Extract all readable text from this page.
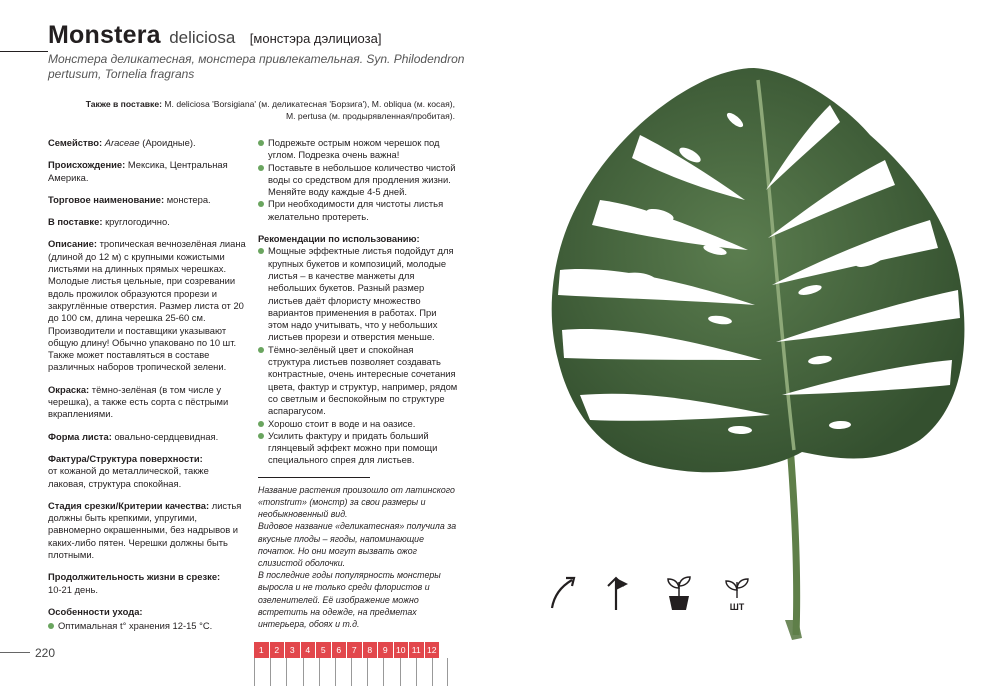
Monstera deliciosa [монстэра дэлициоза]
Монстера деликатесная, монстера привлекательная. Syn. Philodendron pertusum, Tornelia fragrans
Также в поставке: M. deliciosa 'Borsigiana' (м. деликатесная 'Борзига'), M. obliqua (м. косая),
M. pertusa (м. продырявленная/пробитая).

Семейство: Araceae (Ароидные).

Происхождение: Мексика, Центральная Америка.

Торговое наименование: монстера.

В поставке: круглогодично.

Описание: тропическая вечнозелёная лиана (длиной до 12 м) с крупными кожистыми листьями на длинных прямых черешках. Молодые листья цельные, при созревании вдоль прожилок образуются прорези и закруглённые отверстия. Размер листа от 20 до 100 см, длина черешка 25-60 см. Производители и поставщики указывают общую длину! Обычно упаковано по 10 шт. Также может поставляться в составе различных наборов тропической зелени.

Окраска: тёмно-зелёная (в том числе у черешка), а также есть сорта с пёстрыми вкраплениями.

Форма листа: овально-сердцевидная.

Фактура/Структура поверхности:
от кожаной до металлической, также лаковая, структура спокойная.

Стадия срезки/Критерии качества: листья должны быть крепкими, упругими, равномерно окрашенными, без надрывов и каких-либо пятен. Черешки должны быть плотными.

Продолжительность жизни в срезке:
10-21 день.

Особенности ухода:

Оптимальная t° хранения 12-15 °С.
Подрежьте острым ножом черешок под углом. Подрезка очень важна!
Поставьте в небольшое количество чистой воды со средством для продления жизни. Меняйте воду каждые 4-5 дней.
При необходимости для чистоты листья желательно протереть.

Рекомендации по использованию:

Мощные эффектные листья подойдут для крупных букетов и композиций, молодые листья – в качестве манжеты для небольших букетов. Разный размер листьев даёт флористу множество вариантов применения в работах. При этом надо учитывать, что у небольших листьев прорези и отверстия меньше.
Тёмно-зелёный цвет и спокойная структура листьев позволяет создавать контрастные, очень интересные сочетания цвета, фактур и структур, например, рядом со светлым и беспокойным по структуре аспарагусом.
Хорошо стоит в воде и на оазисе.
Усилить фактуру и придать больший глянцевый эффект можно при помощи специального спрея для листьев.

Название растения произошло от латинского «monstrum» (монстр) за свои размеры и необыкновенный вид.

Видовое название «деликатесная» получила за вкусные плоды – ягоды, напоминающие початок. Но они могут вызвать ожог слизистой оболочки.

В последние годы популярность монстеры выросла и не только среди флористов и озеленителей. Её изображение можно встретить на одежде, на предметах интерьера, обоях и т.д.

220	1	2	3	4	5	6	7	8	9 10 11 12
ШТ
